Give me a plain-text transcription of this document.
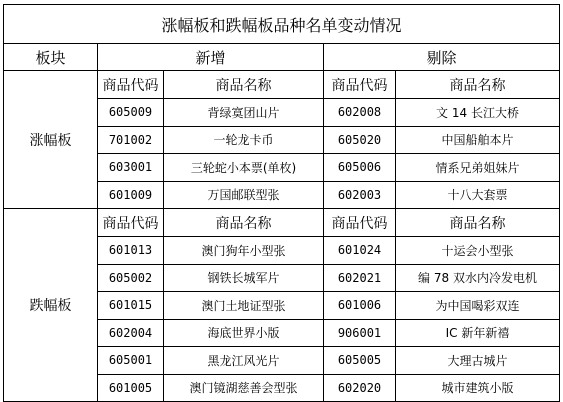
涨幅板和跌幅板品种名单变动情况				
板块	新增		剔除	
涨幅板	商品代码	商品名称	商品代码	商品名称
	605009	背绿寞团山片	602008	文 14 长江大桥
	701002	一轮龙卡币	605020	中国船舶本片
	603001	三轮蛇小本票(单枚)	605006	情系兄弟姐妹片
	601009	万国邮联型张	602003	十八大套票
跌幅板	商品代码	商品名称	商品代码	商品名称
	601013	澳门狗年小型张	601024	十运会小型张
	605002	钢铁长城军片	602021	编 78 双水内冷发电机
	601015	澳门土地证型张	601006	为中国喝彩双连
	602004	海底世界小版	906001	IC 新年新禧
	605001	黑龙江风光片	605005	大理古城片
	601005	澳门镜湖慈善会型张	602020	城市建筑小版
